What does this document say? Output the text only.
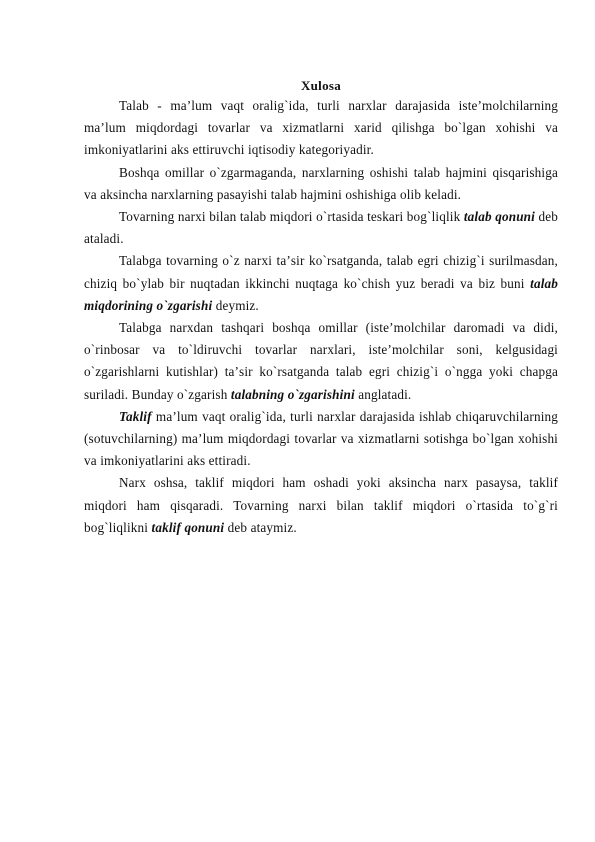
Xulosa

Talab - maʼlum vaqt oralig`ida, turli narxlar darajasida isteʼmolchilarning maʼlum miqdordagi tovarlar va xizmatlarni xarid qilishga bo`lgan xohishi va imkoniyatlarini aks ettiruvchi iqtisodiy kategoriyadir.

Boshqa omillar o`zgarmaganda, narxlarning oshishi talab hajmini qisqarishiga va aksincha narxlarning pasayishi talab hajmini oshishiga olib keladi.

Tovarning narxi bilan talab miqdori o`rtasida teskari bog`liqlik talab qonuni deb ataladi.

Talabga tovarning o`z narxi taʼsir ko`rsatganda, talab egri chizig`i surilmasdan, chiziq bo`ylab bir nuqtadan ikkinchi nuqtaga ko`chish yuz beradi va biz buni talab miqdorining o`zgarishi deymiz.

Talabga narxdan tashqari boshqa omillar (isteʼmolchilar daromadi va didi, o`rinbosar va to`ldiruvchi tovarlar narxlari, isteʼmolchilar soni, kelgusidagi o`zgarishlarni kutishlar) taʼsir ko`rsatganda talab egri chizig`i o`ngga yoki chapga suriladi. Bunday o`zgarish talabning o`zgarishini anglatadi.

Taklif maʼlum vaqt oralig`ida, turli narxlar darajasida ishlab chiqaruvchilarning (sotuvchilarning) maʼlum miqdordagi tovarlar va xizmatlarni sotishga bo`lgan xohishi va imkoniyatlarini aks ettiradi.

Narx oshsa, taklif miqdori ham oshadi yoki aksincha narx pasaysa, taklif miqdori ham qisqaradi. Tovarning narxi bilan taklif miqdori o`rtasida to`g`ri bog`liqlikni taklif qonuni deb ataymiz.
